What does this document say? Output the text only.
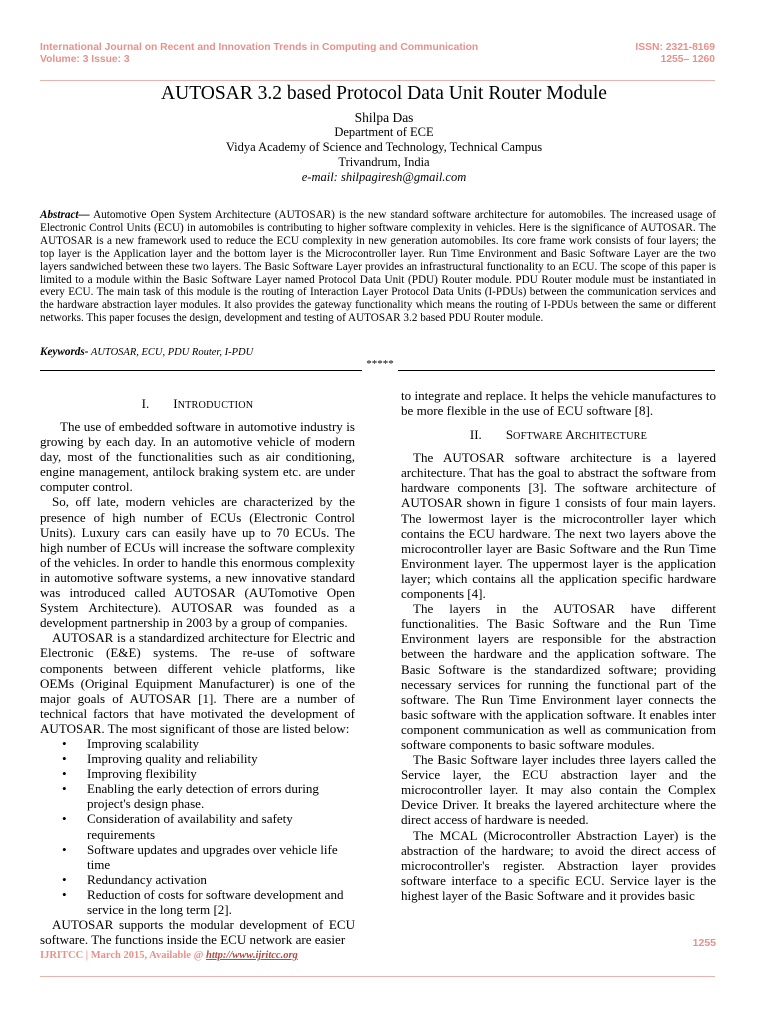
International Journal on Recent and Innovation Trends in Computing and Communication
Volume: 3 Issue: 3
ISSN: 2321-8169
1255– 1260
AUTOSAR 3.2 based Protocol Data Unit Router Module
Shilpa Das
Department of ECE
Vidya Academy of Science and Technology, Technical Campus
Trivandrum, India
e-mail: shilpagiresh@gmail.com
Abstract— Automotive Open System Architecture (AUTOSAR) is the new standard software architecture for automobiles. The increased usage of Electronic Control Units (ECU) in automobiles is contributing to higher software complexity in vehicles. Here is the significance of AUTOSAR. The AUTOSAR is a new framework used to reduce the ECU complexity in new generation automobiles. Its core frame work consists of four layers; the top layer is the Application layer and the bottom layer is the Microcontroller layer. Run Time Environment and Basic Software Layer are the two layers sandwiched between these two layers. The Basic Software Layer provides an infrastructural functionality to an ECU. The scope of this paper is limited to a module within the Basic Software Layer named Protocol Data Unit (PDU) Router module. PDU Router module must be instantiated in every ECU. The main task of this module is the routing of Interaction Layer Protocol Data Units (I-PDUs) between the communication services and the hardware abstraction layer modules. It also provides the gateway functionality which means the routing of I-PDUs between the same or different networks. This paper focuses the design, development and testing of AUTOSAR 3.2 based PDU Router module.
Keywords- AUTOSAR, ECU, PDU Router, I-PDU
*****
I. INTRODUCTION

The use of embedded software in automotive industry is growing by each day. In an automotive vehicle of modern day, most of the functionalities such as air conditioning, engine management, antilock braking system etc. are under computer control.

So, off late, modern vehicles are characterized by the presence of high number of ECUs (Electronic Control Units). Luxury cars can easily have up to 70 ECUs. The high number of ECUs will increase the software complexity of the vehicles. In order to handle this enormous complexity in automotive software systems, a new innovative standard was introduced called AUTOSAR (AUTomotive Open System Architecture). AUTOSAR was founded as a development partnership in 2003 by a group of companies.

AUTOSAR is a standardized architecture for Electric and Electronic (E&E) systems. The re-use of software components between different vehicle platforms, like OEMs (Original Equipment Manufacturer) is one of the major goals of AUTOSAR [1]. There are a number of technical factors that have motivated the development of AUTOSAR. The most significant of those are listed below:

• Improving scalability
• Improving quality and reliability
• Improving flexibility
• Enabling the early detection of errors during project's design phase.
• Consideration of availability and safety requirements
• Software updates and upgrades over vehicle life time
• Redundancy activation
• Reduction of costs for software development and service in the long term [2].

AUTOSAR supports the modular development of ECU software. The functions inside the ECU network are easier

to integrate and replace. It helps the vehicle manufactures to be more flexible in the use of ECU software [8].

II. SOFTWARE ARCHITECTURE

The AUTOSAR software architecture is a layered architecture. That has the goal to abstract the software from hardware components [3]. The software architecture of AUTOSAR shown in figure 1 consists of four main layers. The lowermost layer is the microcontroller layer which contains the ECU hardware. The next two layers above the microcontroller layer are Basic Software and the Run Time Environment layer. The uppermost layer is the application layer; which contains all the application specific hardware components [4].

The layers in the AUTOSAR have different functionalities. The Basic Software and the Run Time Environment layers are responsible for the abstraction between the hardware and the application software. The Basic Software is the standardized software; providing necessary services for running the functional part of the software. The Run Time Environment layer connects the basic software with the application software. It enables inter component communication as well as communication from software components to basic software modules.

The Basic Software layer includes three layers called the Service layer, the ECU abstraction layer and the microcontroller layer. It may also contain the Complex Device Driver. It breaks the layered architecture where the direct access of hardware is needed.

The MCAL (Microcontroller Abstraction Layer) is the abstraction of the hardware; to avoid the direct access of microcontroller's register. Abstraction layer provides software interface to a specific ECU. Service layer is the highest layer of the Basic Software and it provides basic

1255
IJRITCC | March 2015, Available @ http://www.ijritcc.org
